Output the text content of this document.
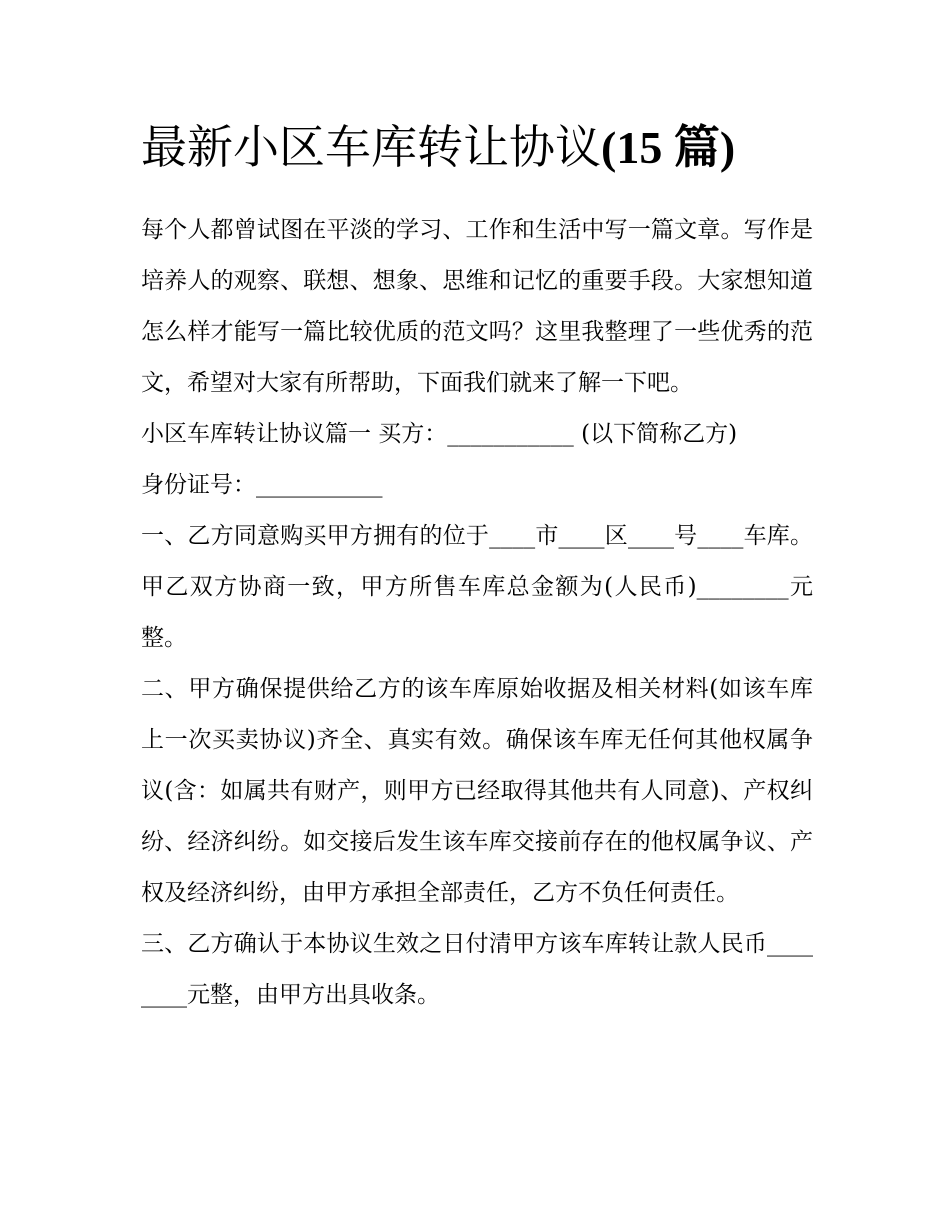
最新小区车库转让协议(15 篇)

每个人都曾试图在平淡的学习、工作和生活中写一篇文章。写作是培养人的观察、联想、想象、思维和记忆的重要手段。大家想知道怎么样才能写一篇比较优质的范文吗？这里我整理了一些优秀的范文，希望对大家有所帮助，下面我们就来了解一下吧。

小区车库转让协议篇一 买方：___________ (以下简称乙方)
身份证号：___________

一、乙方同意购买甲方拥有的位于____市____区____号____车库。甲乙双方协商一致，甲方所售车库总金额为(人民币)________元整。

二、甲方确保提供给乙方的该车库原始收据及相关材料(如该车库上一次买卖协议)齐全、真实有效。确保该车库无任何其他权属争议(含：如属共有财产，则甲方已经取得其他共有人同意)、产权纠纷、经济纠纷。如交接后发生该车库交接前存在的他权属争议、产权及经济纠纷，由甲方承担全部责任，乙方不负任何责任。

三、乙方确认于本协议生效之日付清甲方该车库转让款人民币________元整，由甲方出具收条。
